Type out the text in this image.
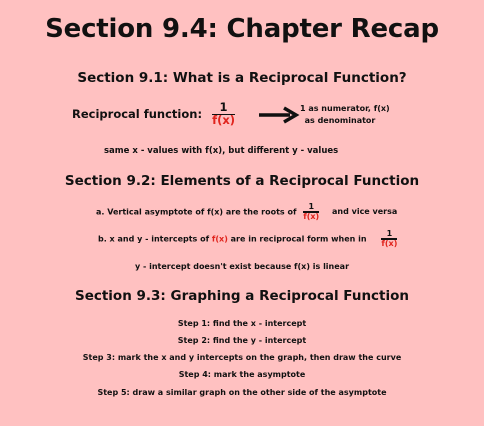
Section 9.4: Chapter Recap
Section 9.1: What is a Reciprocal Function?
Reciprocal function: $\frac{1}{f(x)}$	1 as numerator, f(x)
as denominator
same x - values with f(x), but different y - values
Section 9.2: Elements of a Reciprocal Function
a. Vertical asymptote of f(x) are the roots of $\frac{1}{f(x)}$ and vice versa
b. x and y - intercepts of f(x) are in reciprocal form when in $\frac{1}{f(x)}$
y - intercept doesn't exist because f(x) is linear
Section 9.3: Graphing a Reciprocal Function
Step 1: find the x - intercept
Step 2: find the y - intercept
Step 3: mark the x and y intercepts on the graph, then draw the curve
Step 4: mark the asymptote
Step 5: draw a similar graph on the other side of the asymptote
